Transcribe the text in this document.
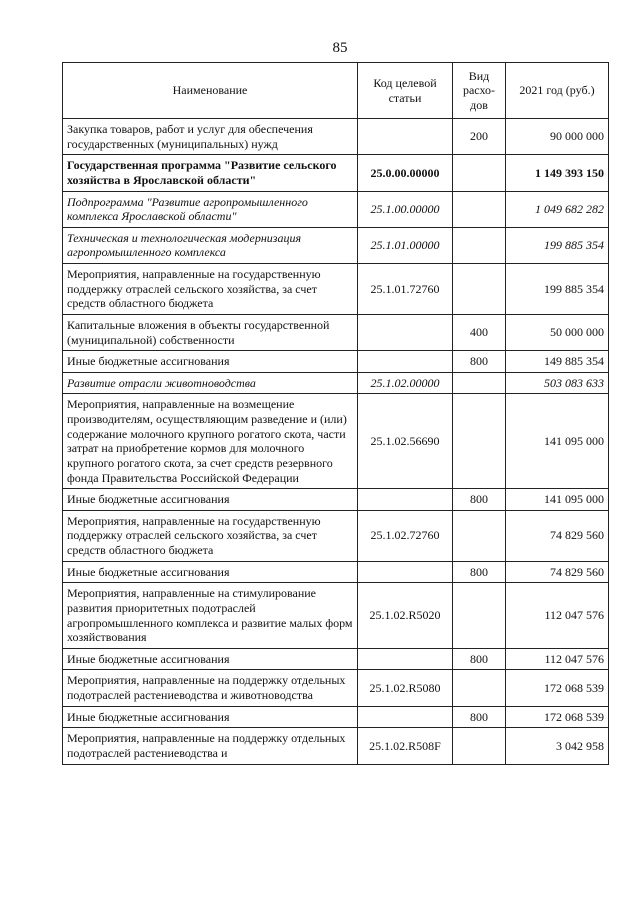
85
Наименование	Код целевой статьи	Вид расхо-дов	2021 год (руб.)
Закупка товаров, работ и услуг для обеспечения государственных (муниципальных) нужд		200	90 000 000
Государственная программа "Развитие сельского хозяйства в Ярославской области"	25.0.00.00000		1 149 393 150
Подпрограмма "Развитие агропромышленного комплекса Ярославской области"	25.1.00.00000		1 049 682 282
Техническая и технологическая модернизация агропромышленного комплекса	25.1.01.00000		199 885 354
Мероприятия, направленные на государственную поддержку отраслей сельского хозяйства, за счет средств областного бюджета	25.1.01.72760		199 885 354
Капитальные вложения в объекты государственной (муниципальной) собственности		400	50 000 000
Иные бюджетные ассигнования		800	149 885 354
Развитие отрасли животноводства	25.1.02.00000		503 083 633
Мероприятия, направленные на возмещение производителям, осуществляющим разведение и (или) содержание молочного крупного рогатого скота, части затрат на приобретение кормов для молочного крупного рогатого скота, за счет средств резервного фонда Правительства Российской Федерации	25.1.02.56690		141 095 000
Иные бюджетные ассигнования		800	141 095 000
Мероприятия, направленные на государственную поддержку отраслей сельского хозяйства, за счет средств областного бюджета	25.1.02.72760		74 829 560
Иные бюджетные ассигнования		800	74 829 560
Мероприятия, направленные на стимулирование развития приоритетных подотраслей агропромышленного комплекса и развитие малых форм хозяйствования	25.1.02.R5020		112 047 576
Иные бюджетные ассигнования		800	112 047 576
Мероприятия, направленные на поддержку отдельных подотраслей растениеводства и животноводства	25.1.02.R5080		172 068 539
Иные бюджетные ассигнования		800	172 068 539
Мероприятия, направленные на поддержку отдельных подотраслей растениеводства и	25.1.02.R508F		3 042 958
